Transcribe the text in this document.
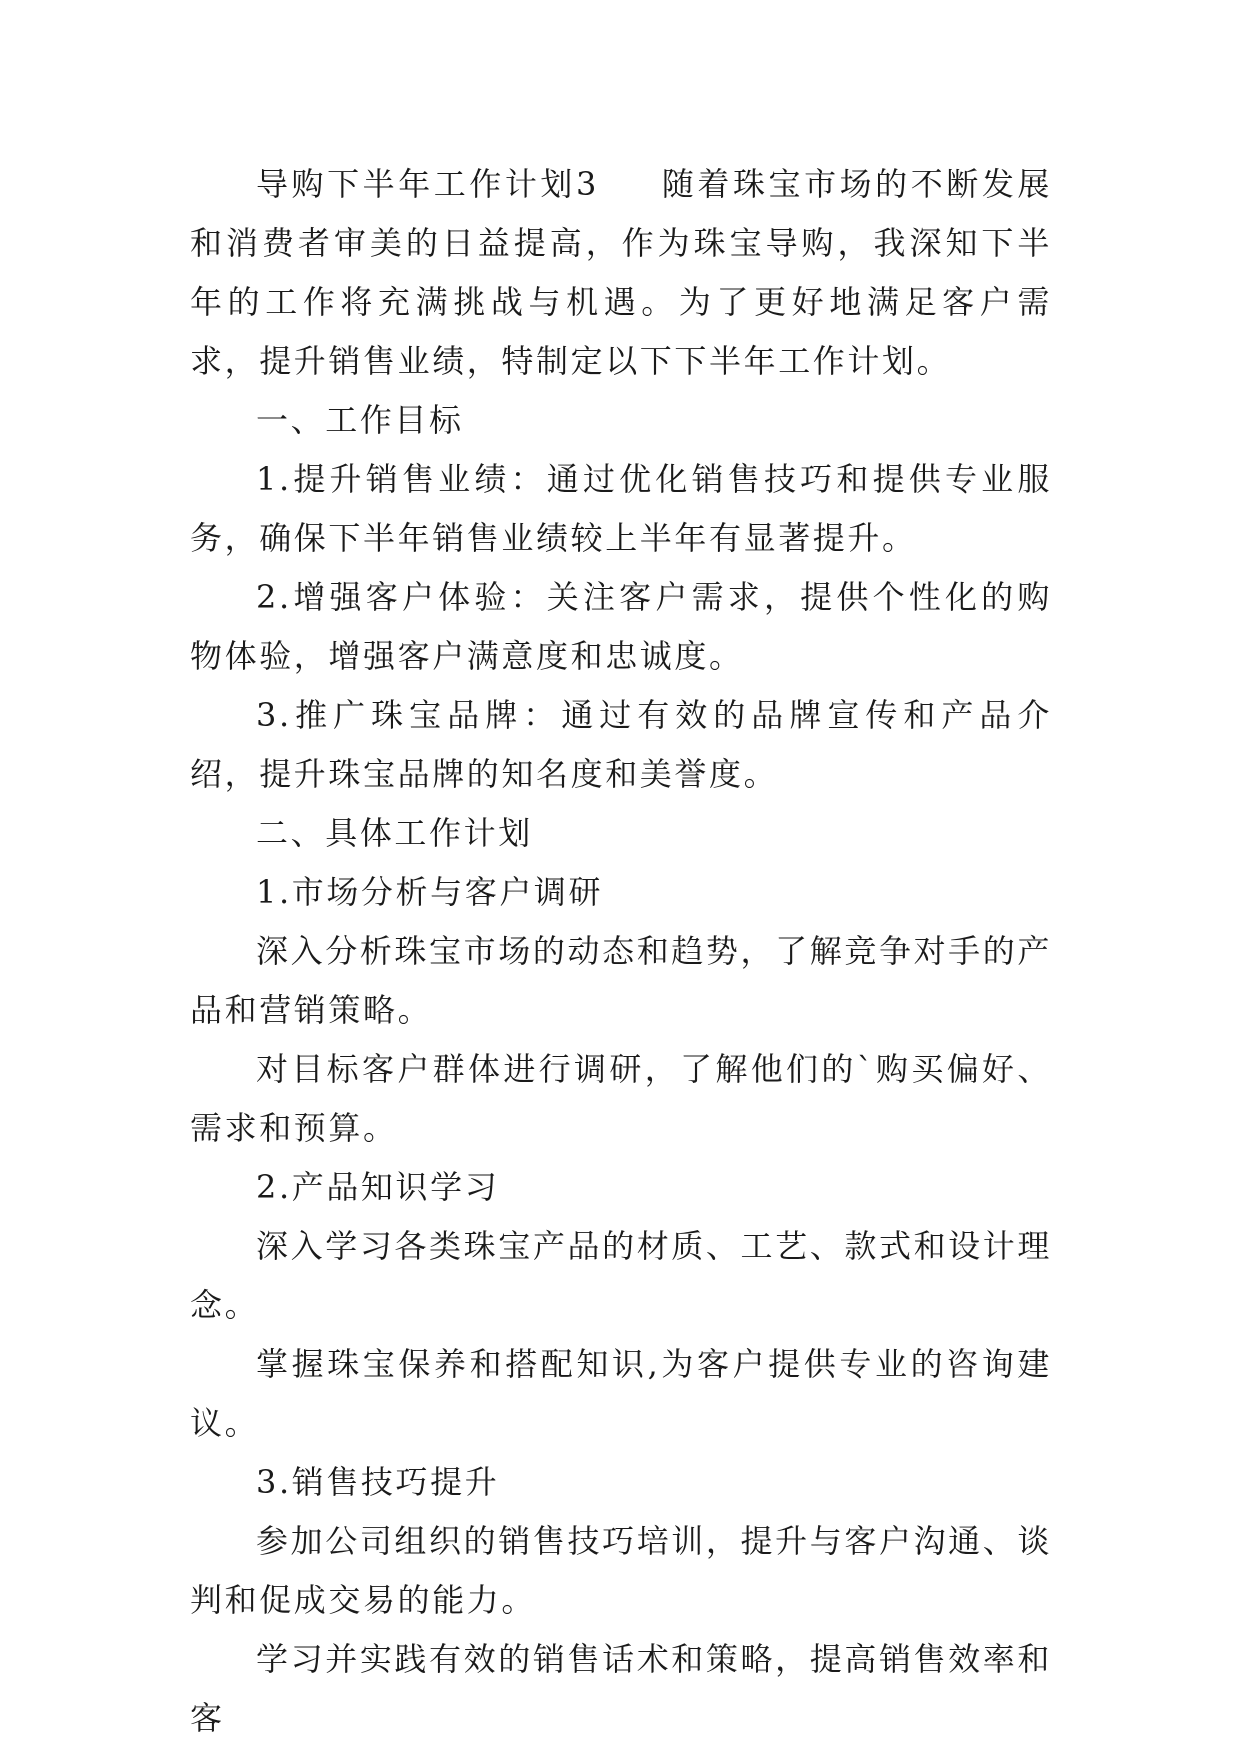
导购下半年工作计划3 随着珠宝市场的不断发展和消费者审美的日益提高，作为珠宝导购，我深知下半年的工作将充满挑战与机遇。为了更好地满足客户需求，提升销售业绩，特制定以下下半年工作计划。

一、工作目标

1.提升销售业绩：通过优化销售技巧和提供专业服务，确保下半年销售业绩较上半年有显著提升。

2.增强客户体验：关注客户需求，提供个性化的购物体验，增强客户满意度和忠诚度。

3.推广珠宝品牌：通过有效的品牌宣传和产品介绍，提升珠宝品牌的知名度和美誉度。

二、具体工作计划

1.市场分析与客户调研

深入分析珠宝市场的动态和趋势，了解竞争对手的产品和营销策略。

对目标客户群体进行调研，了解他们的`购买偏好、需求和预算。

2.产品知识学习

深入学习各类珠宝产品的材质、工艺、款式和设计理念。

掌握珠宝保养和搭配知识,为客户提供专业的咨询建议。

3.销售技巧提升

参加公司组织的销售技巧培训，提升与客户沟通、谈判和促成交易的能力。

学习并实践有效的销售话术和策略，提高销售效率和客
